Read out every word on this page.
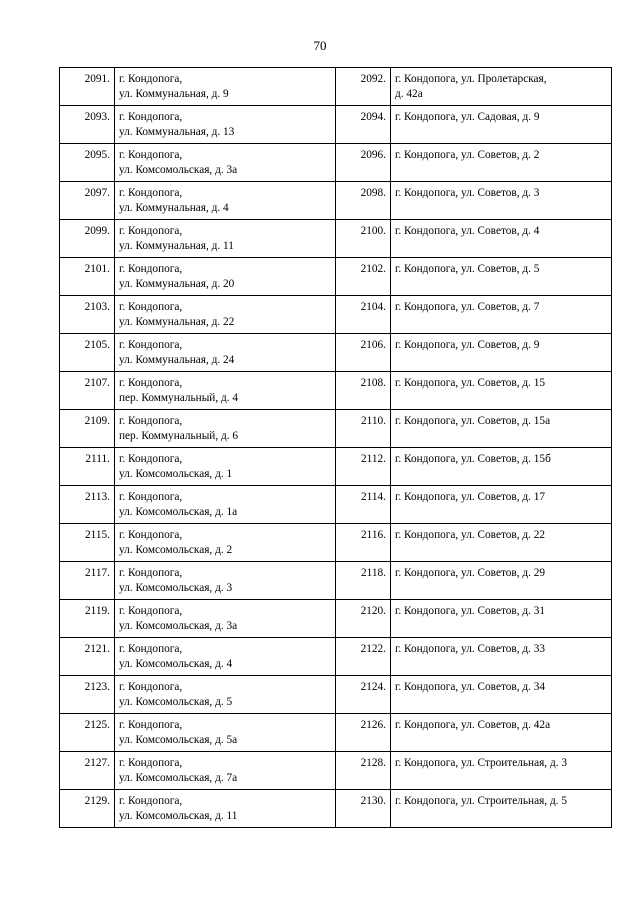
70
2091.	г. Кондопога,
ул. Коммунальная, д. 9	2092.	г. Кондопога, ул. Пролетарская,
д. 42а

2093.	г. Кондопога,
ул. Коммунальная, д. 13	2094.	г. Кондопога, ул. Садовая, д. 9

2095.	г. Кондопога,
ул. Комсомольская, д. 3а	2096.	г. Кондопога, ул. Советов, д. 2

2097.	г. Кондопога,
ул. Коммунальная, д. 4	2098.	г. Кондопога, ул. Советов, д. 3

2099.	г. Кондопога,
ул. Коммунальная, д. 11	2100.	г. Кондопога, ул. Советов, д. 4

2101.	г. Кондопога,
ул. Коммунальная, д. 20	2102.	г. Кондопога, ул. Советов, д. 5

2103.	г. Кондопога,
ул. Коммунальная, д. 22	2104.	г. Кондопога, ул. Советов, д. 7

2105.	г. Кондопога,
ул. Коммунальная, д. 24	2106.	г. Кондопога, ул. Советов, д. 9

2107.	г. Кондопога,
пер. Коммунальный, д. 4	2108.	г. Кондопога, ул. Советов, д. 15

2109.	г. Кондопога,
пер. Коммунальный, д. 6	2110.	г. Кондопога, ул. Советов, д. 15а

2111.	г. Кондопога,
ул. Комсомольская, д. 1	2112.	г. Кондопога, ул. Советов, д. 15б

2113.	г. Кондопога,
ул. Комсомольская, д. 1а	2114.	г. Кондопога, ул. Советов, д. 17

2115.	г. Кондопога,
ул. Комсомольская, д. 2	2116.	г. Кондопога, ул. Советов, д. 22

2117.	г. Кондопога,
ул. Комсомольская, д. 3	2118.	г. Кондопога, ул. Советов, д. 29

2119.	г. Кондопога,
ул. Комсомольская, д. 3а	2120.	г. Кондопога, ул. Советов, д. 31

2121.	г. Кондопога,
ул. Комсомольская, д. 4	2122.	г. Кондопога, ул. Советов, д. 33

2123.	г. Кондопога,
ул. Комсомольская, д. 5	2124.	г. Кондопога, ул. Советов, д. 34

2125.	г. Кондопога,
ул. Комсомольская, д. 5а	2126.	г. Кондопога, ул. Советов, д. 42а

2127.	г. Кондопога,
ул. Комсомольская, д. 7а	2128.	г. Кондопога, ул. Строительная, д. 3

2129.	г. Кондопога,
ул. Комсомольская, д. 11	2130.	г. Кондопога, ул. Строительная, д. 5
